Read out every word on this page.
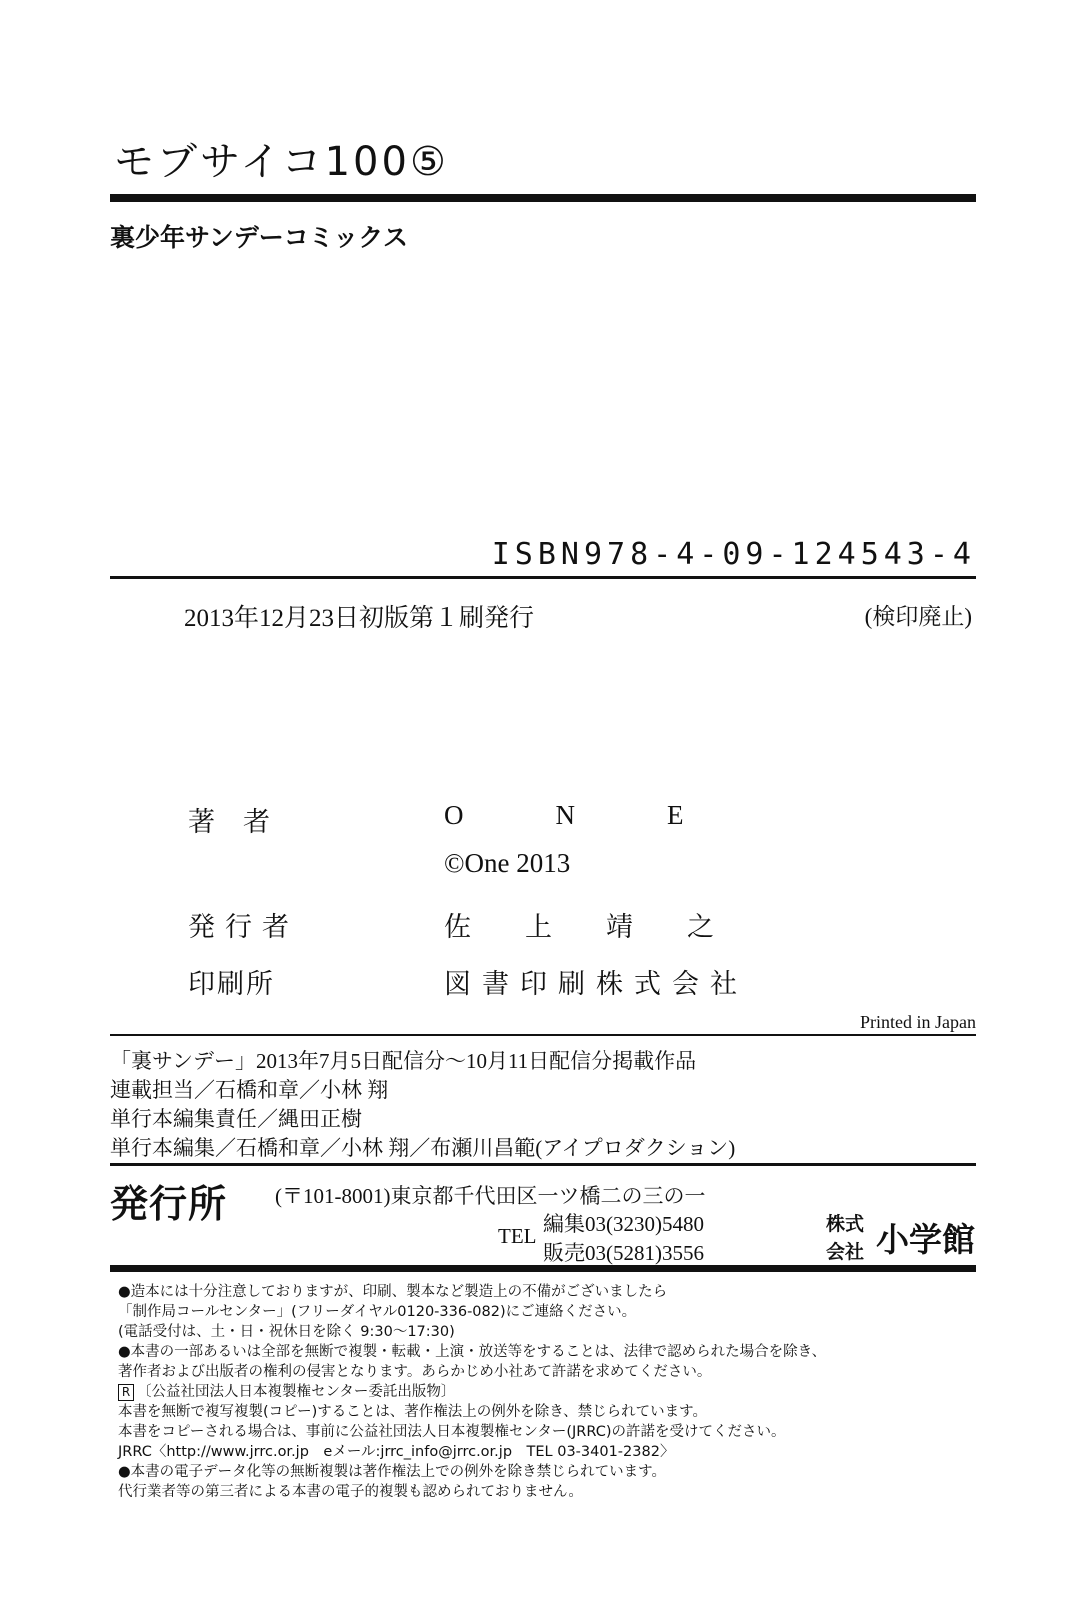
モブサイコ100⑤
裏少年サンデーコミックス
ISBN978-4-09-124543-4
2013年12月23日初版第１刷発行	(検印廃止)
著者	ONE
©One 2013
発行者	佐上靖之
印刷所	図書印刷株式会社
Printed in Japan
「裏サンデー」2013年7月5日配信分〜10月11日配信分掲載作品
連載担当／石橋和章／小林 翔
単行本編集責任／縄田正樹
単行本編集／石橋和章／小林 翔／布瀬川昌範(アイプロダクション)
発行所 (〒101-8001)東京都千代田区一ツ橋二の三の一
TEL 編集03(3230)5480
販売03(5281)3556
株式
会社 小学館
●造本には十分注意しておりますが、印刷、製本など製造上の不備がございましたら
「制作局コールセンター」(フリーダイヤル0120-336-082)にご連絡ください。
(電話受付は、土・日・祝休日を除く 9:30〜17:30)
●本書の一部あるいは全部を無断で複製・転載・上演・放送等をすることは、法律で認められた場合を除き、
著作者および出版者の権利の侵害となります。あらかじめ小社あて許諾を求めてください。
R 〔公益社団法人日本複製権センター委託出版物〕
本書を無断で複写複製(コピー)することは、著作権法上の例外を除き、禁じられています。
本書をコピーされる場合は、事前に公益社団法人日本複製権センター(JRRC)の許諾を受けてください。
JRRC〈http://www.jrrc.or.jp　eメール:jrrc_info@jrrc.or.jp　TEL 03-3401-2382〉
●本書の電子データ化等の無断複製は著作権法上での例外を除き禁じられています。
代行業者等の第三者による本書の電子的複製も認められておりません。
